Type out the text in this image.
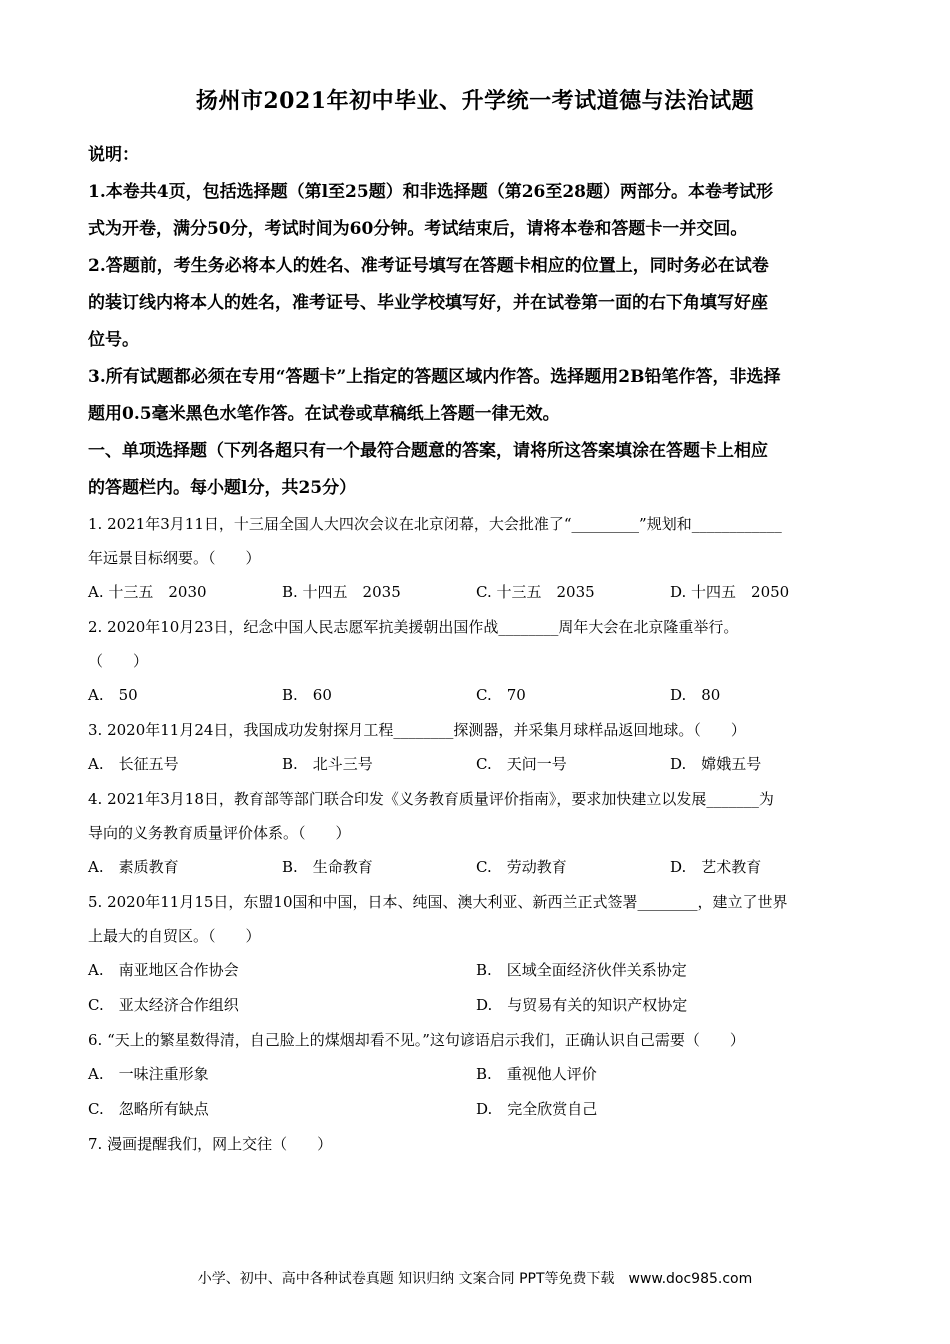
扬州市2021年初中毕业、升学统一考试道德与法治试题

说明：

1.本卷共4页，包括选择题（第l至25题）和非选择题（第26至28题）两部分。本卷考试形

式为开卷，满分50分，考试时间为60分钟。考试结束后，请将本卷和答题卡一并交回。

2.答题前，考生务必将本人的姓名、准考证号填写在答题卡相应的位置上，同时务必在试卷

的装订线内将本人的姓名，准考证号、毕业学校填写好，并在试卷第一面的右下角填写好座

位号。

3.所有试题都必须在专用“答题卡”上指定的答题区域内作答。选择题用2B铅笔作答，非选择

题用0.5毫米黑色水笔作答。在试卷或草稿纸上答题一律无效。

一、单项选择题（下列各超只有一个最符合题意的答案，请将所这答案填涂在答题卡上相应

的答题栏内。每小题l分，共25分）

1. 2021年3月11日，十三届全国人大四次会议在北京闭幕，大会批准了“_________”规划和____________

年远景目标纲要。（　　）

A. 十三五　2030	B. 十四五　2035	C. 十三五　2035	D. 十四五　2050

2. 2020年10月23日，纪念中国人民志愿军抗美援朝出国作战________周年大会在北京隆重举行。

（　　）

A.　50	B.　60	C.　70	D.　80

3. 2020年11月24日，我国成功发射探月工程________探测器，并采集月球样品返回地球。（　　）

A.　长征五号	B.　北斗三号	C.　天问一号	D.　嫦娥五号

4. 2021年3月18日，教育部等部门联合印发《义务教育质量评价指南》，要求加快建立以发展_______为

导向的义务教育质量评价体系。（　　）

A.　素质教育	B.　生命教育	C.　劳动教育	D.　艺术教育

5. 2020年11月15日，东盟10国和中国，日本、纯国、澳大利亚、新西兰正式签署________，建立了世界

上最大的自贸区。（　　）

A.　南亚地区合作协会	B.　区域全面经济伙伴关系协定
C.　亚太经济合作组织	D.　与贸易有关的知识产权协定

6. “天上的繁星数得清，自己脸上的煤烟却看不见。”这句谚语启示我们，正确认识自己需要（　　）

A.　一味注重形象	B.　重视他人评价
C.　忽略所有缺点	D.　完全欣赏自己

7. 漫画提醒我们，网上交往（　　）

小学、初中、高中各种试卷真题 知识归纳 文案合同 PPT等免费下载　www.doc985.com
